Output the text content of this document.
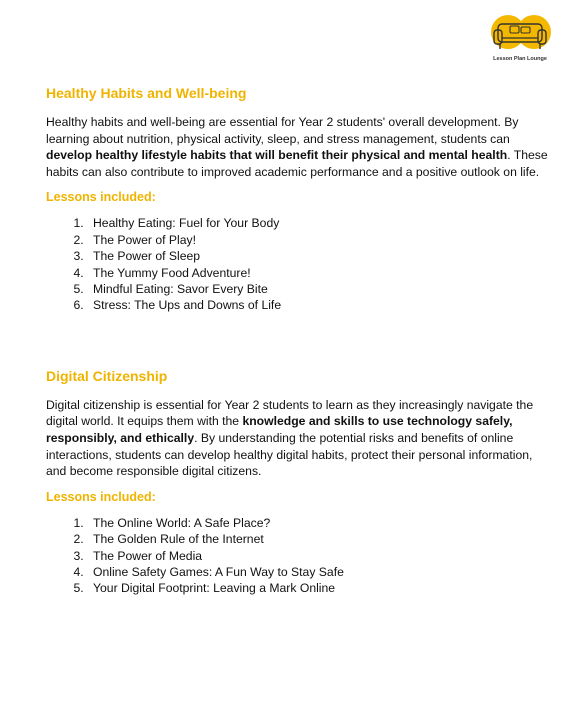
Lesson Plan Lounge
Healthy Habits and Well-being

Healthy habits and well-being are essential for Year 2 students' overall development. By learning about nutrition, physical activity, sleep, and stress management, students can develop healthy lifestyle habits that will benefit their physical and mental health. These habits can also contribute to improved academic performance and a positive outlook on life.

Lessons included:
1. Healthy Eating: Fuel for Your Body
2. The Power of Play!
3. The Power of Sleep
4. The Yummy Food Adventure!
5. Mindful Eating: Savor Every Bite
6. Stress: The Ups and Downs of Life
Digital Citizenship

Digital citizenship is essential for Year 2 students to learn as they increasingly navigate the digital world. It equips them with the knowledge and skills to use technology safely, responsibly, and ethically. By understanding the potential risks and benefits of online interactions, students can develop healthy digital habits, protect their personal information, and become responsible digital citizens.

Lessons included:
1. The Online World: A Safe Place?
2. The Golden Rule of the Internet
3. The Power of Media
4. Online Safety Games: A Fun Way to Stay Safe
5. Your Digital Footprint: Leaving a Mark Online
